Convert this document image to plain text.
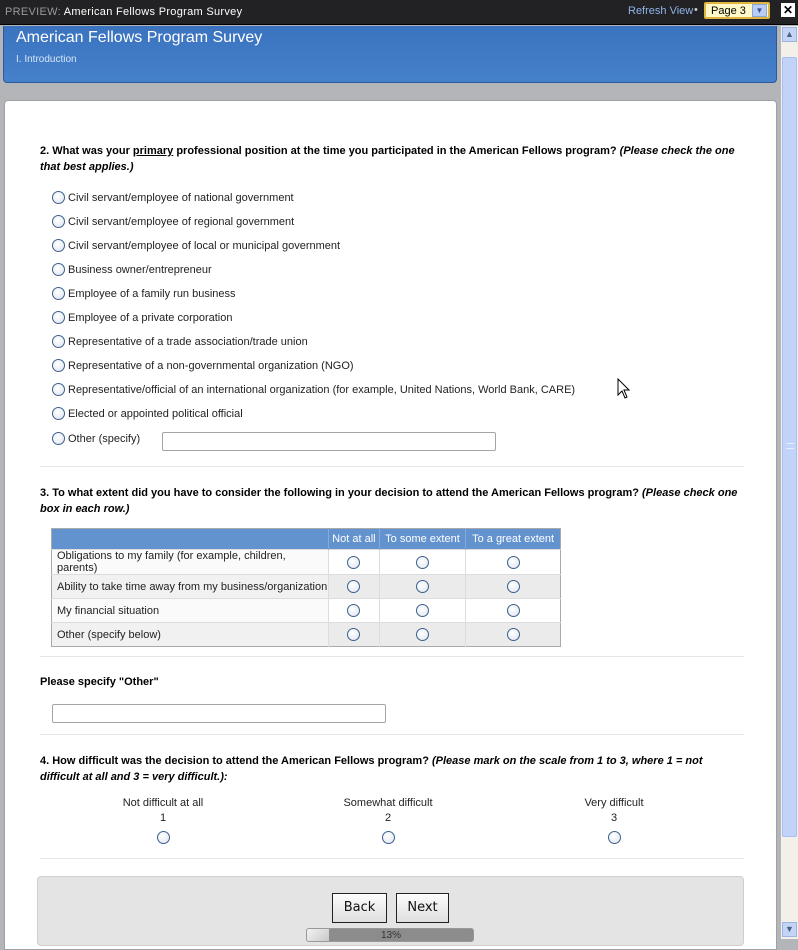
PREVIEW: American Fellows Program Survey	Refresh View •	Page 3	▼ ✕
American Fellows Program Survey
I. Introduction
2. What was your primary professional position at the time you participated in the American Fellows program? (Please check the one that best applies.)
Civil servant/employee of national government
Civil servant/employee of regional government
Civil servant/employee of local or municipal government
Business owner/entrepreneur
Employee of a family run business
Employee of a private corporation
Representative of a trade association/trade union
Representative of a non-governmental organization (NGO)
Representative/official of an international organization (for example, United Nations, World Bank, CARE)
Elected or appointed political official
Other (specify)
3. To what extent did you have to consider the following in your decision to attend the American Fellows program? (Please check one box in each row.)
	Not at all	To some extent	To a great extent
Obligations to my family (for example, children, parents)			
Ability to take time away from my business/organization			
My financial situation			
Other (specify below)			
Please specify "Other"
4. How difficult was the decision to attend the American Fellows program? (Please mark on the scale from 1 to 3, where 1 = not difficult at all and 3 = very difficult.):
Not difficult at all
1
Somewhat difficult
2
Very difficult
3
Back	Next
13%
▲
▼
